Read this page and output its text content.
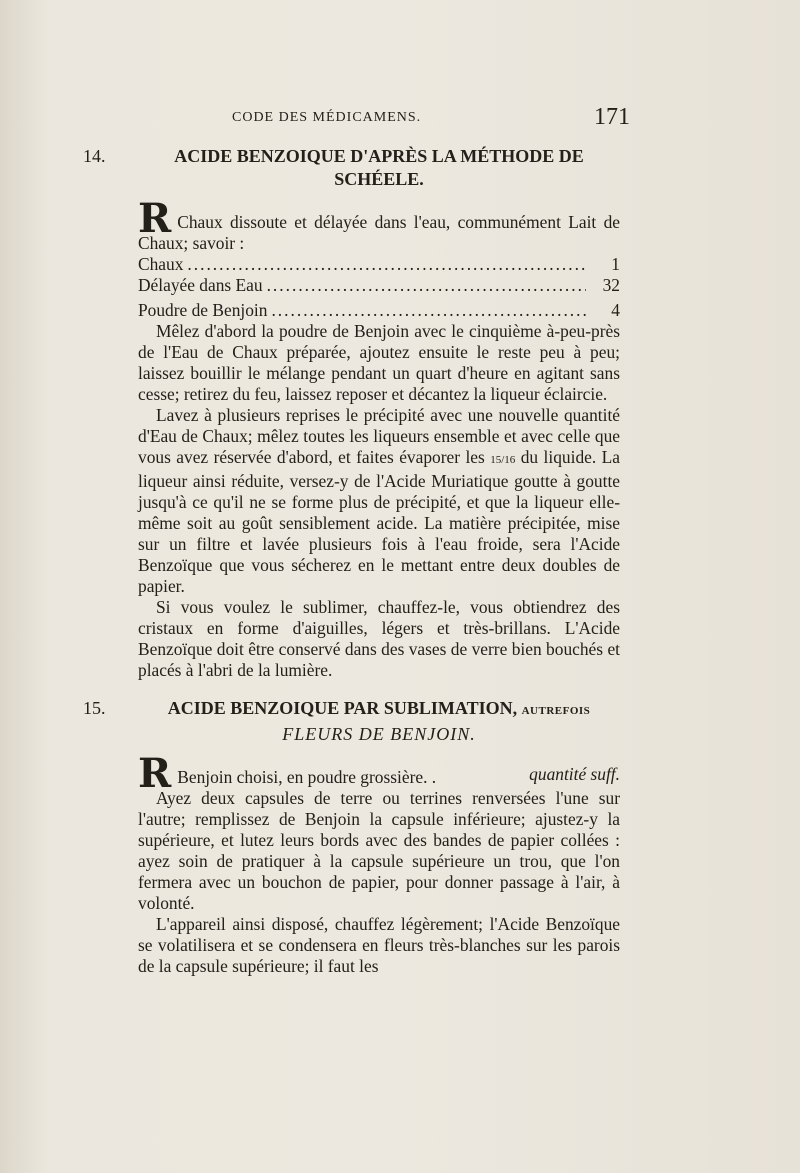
CODE DES MÉDICAMENS.	171
14.	ACIDE BENZOIQUE D'APRÈS LA MÉTHODE DE
SCHÉELE.

R Chaux dissoute et délayée dans l'eau, communément Lait de Chaux; savoir :

Chaux .....	1
Délayée dans Eau .....	32
Poudre de Benjoin .....	4

Mêlez d'abord la poudre de Benjoin avec le cinquième à-peu-près de l'Eau de Chaux préparée, ajoutez ensuite le reste peu à peu; laissez bouillir le mélange pendant un quart d'heure en agitant sans cesse; retirez du feu, laissez reposer et décantez la liqueur éclaircie.

Lavez à plusieurs reprises le précipité avec une nouvelle quantité d'Eau de Chaux; mêlez toutes les liqueurs ensemble et avec celle que vous avez réservée d'abord, et faites évaporer les 15/16 du liquide. La liqueur ainsi réduite, versez-y de l'Acide Muriatique goutte à goutte jusqu'à ce qu'il ne se forme plus de précipité, et que la liqueur elle-même soit au goût sensiblement acide. La matière précipitée, mise sur un filtre et lavée plusieurs fois à l'eau froide, sera l'Acide Benzoïque que vous sécherez en le mettant entre deux doubles de papier.

Si vous voulez le sublimer, chauffez-le, vous obtiendrez des cristaux en forme d'aiguilles, légers et très-brillans. L'Acide Benzoïque doit être conservé dans des vases de verre bien bouchés et placés à l'abri de la lumière.

15.	ACIDE BENZOIQUE PAR SUBLIMATION, AUTREFOIS
FLEURS DE BENJOIN.

R Benjoin choisi, en poudre grossière. .	quantité suff.

Ayez deux capsules de terre ou terrines renversées l'une sur l'autre; remplissez de Benjoin la capsule inférieure; ajustez-y la supérieure, et lutez leurs bords avec des bandes de papier collées : ayez soin de pratiquer à la capsule supérieure un trou, que l'on fermera avec un bouchon de papier, pour donner passage à l'air, à volonté.

L'appareil ainsi disposé, chauffez légèrement; l'Acide Benzoïque se volatilisera et se condensera en fleurs très-blanches sur les parois de la capsule supérieure; il faut les
